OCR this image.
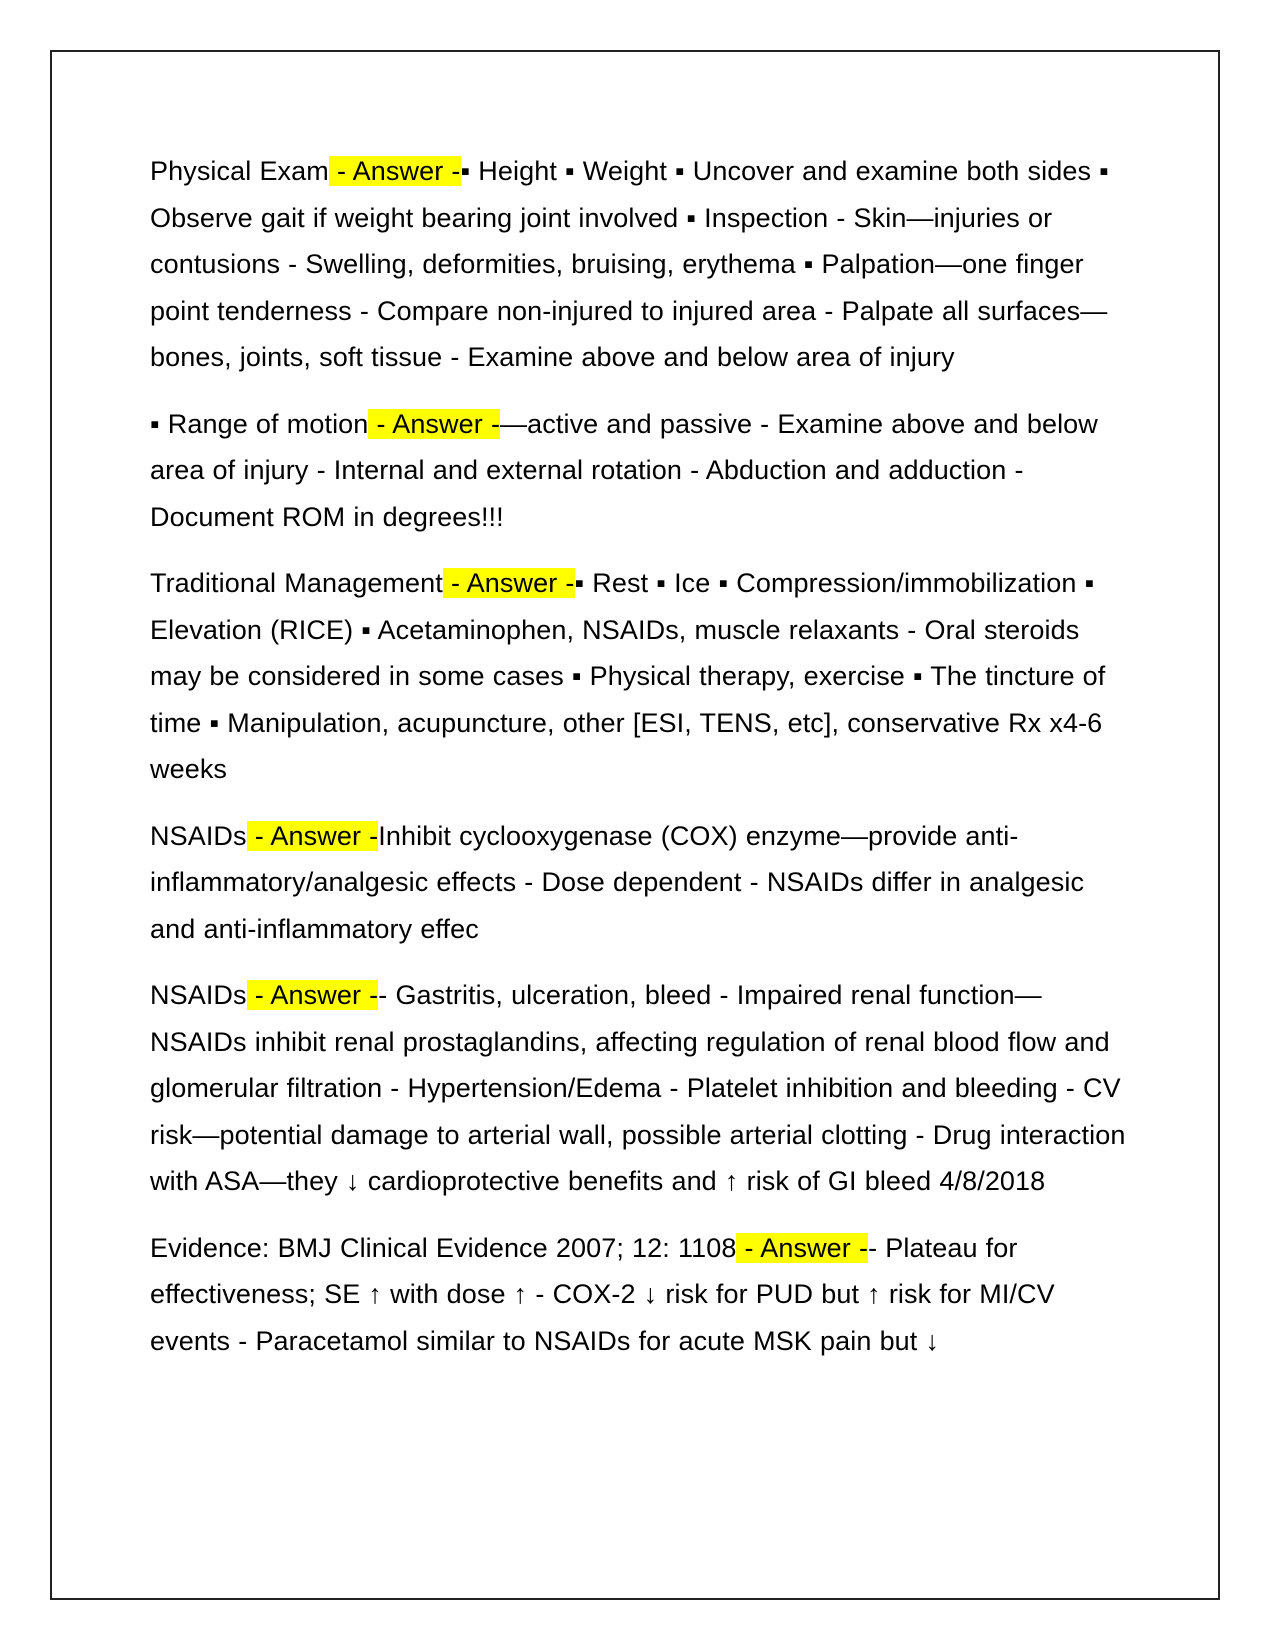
Physical Exam - Answer -▪ Height ▪ Weight ▪ Uncover and examine both sides ▪ Observe gait if weight bearing joint involved ▪ Inspection - Skin—injuries or contusions - Swelling, deformities, bruising, erythema ▪ Palpation—one finger point tenderness - Compare non-injured to injured area - Palpate all surfaces—bones, joints, soft tissue - Examine above and below area of injury

▪ Range of motion - Answer -—active and passive - Examine above and below area of injury - Internal and external rotation - Abduction and adduction - Document ROM in degrees!!!

Traditional Management - Answer -▪ Rest ▪ Ice ▪ Compression/immobilization ▪ Elevation (RICE) ▪ Acetaminophen, NSAIDs, muscle relaxants - Oral steroids may be considered in some cases ▪ Physical therapy, exercise ▪ The tincture of time ▪ Manipulation, acupuncture, other [ESI, TENS, etc], conservative Rx x4-6 weeks

NSAIDs - Answer -Inhibit cyclooxygenase (COX) enzyme—provide anti-inflammatory/analgesic effects - Dose dependent - NSAIDs differ in analgesic and anti-inflammatory effec

NSAIDs - Answer -- Gastritis, ulceration, bleed - Impaired renal function—NSAIDs inhibit renal prostaglandins, affecting regulation of renal blood flow and glomerular filtration - Hypertension/Edema - Platelet inhibition and bleeding - CV risk—potential damage to arterial wall, possible arterial clotting - Drug interaction with ASA—they ↓ cardioprotective benefits and ↑ risk of GI bleed 4/8/2018

Evidence: BMJ Clinical Evidence 2007; 12: 1108 - Answer -- Plateau for effectiveness; SE ↑ with dose ↑ - COX-2 ↓ risk for PUD but ↑ risk for MI/CV events - Paracetamol similar to NSAIDs for acute MSK pain but ↓
